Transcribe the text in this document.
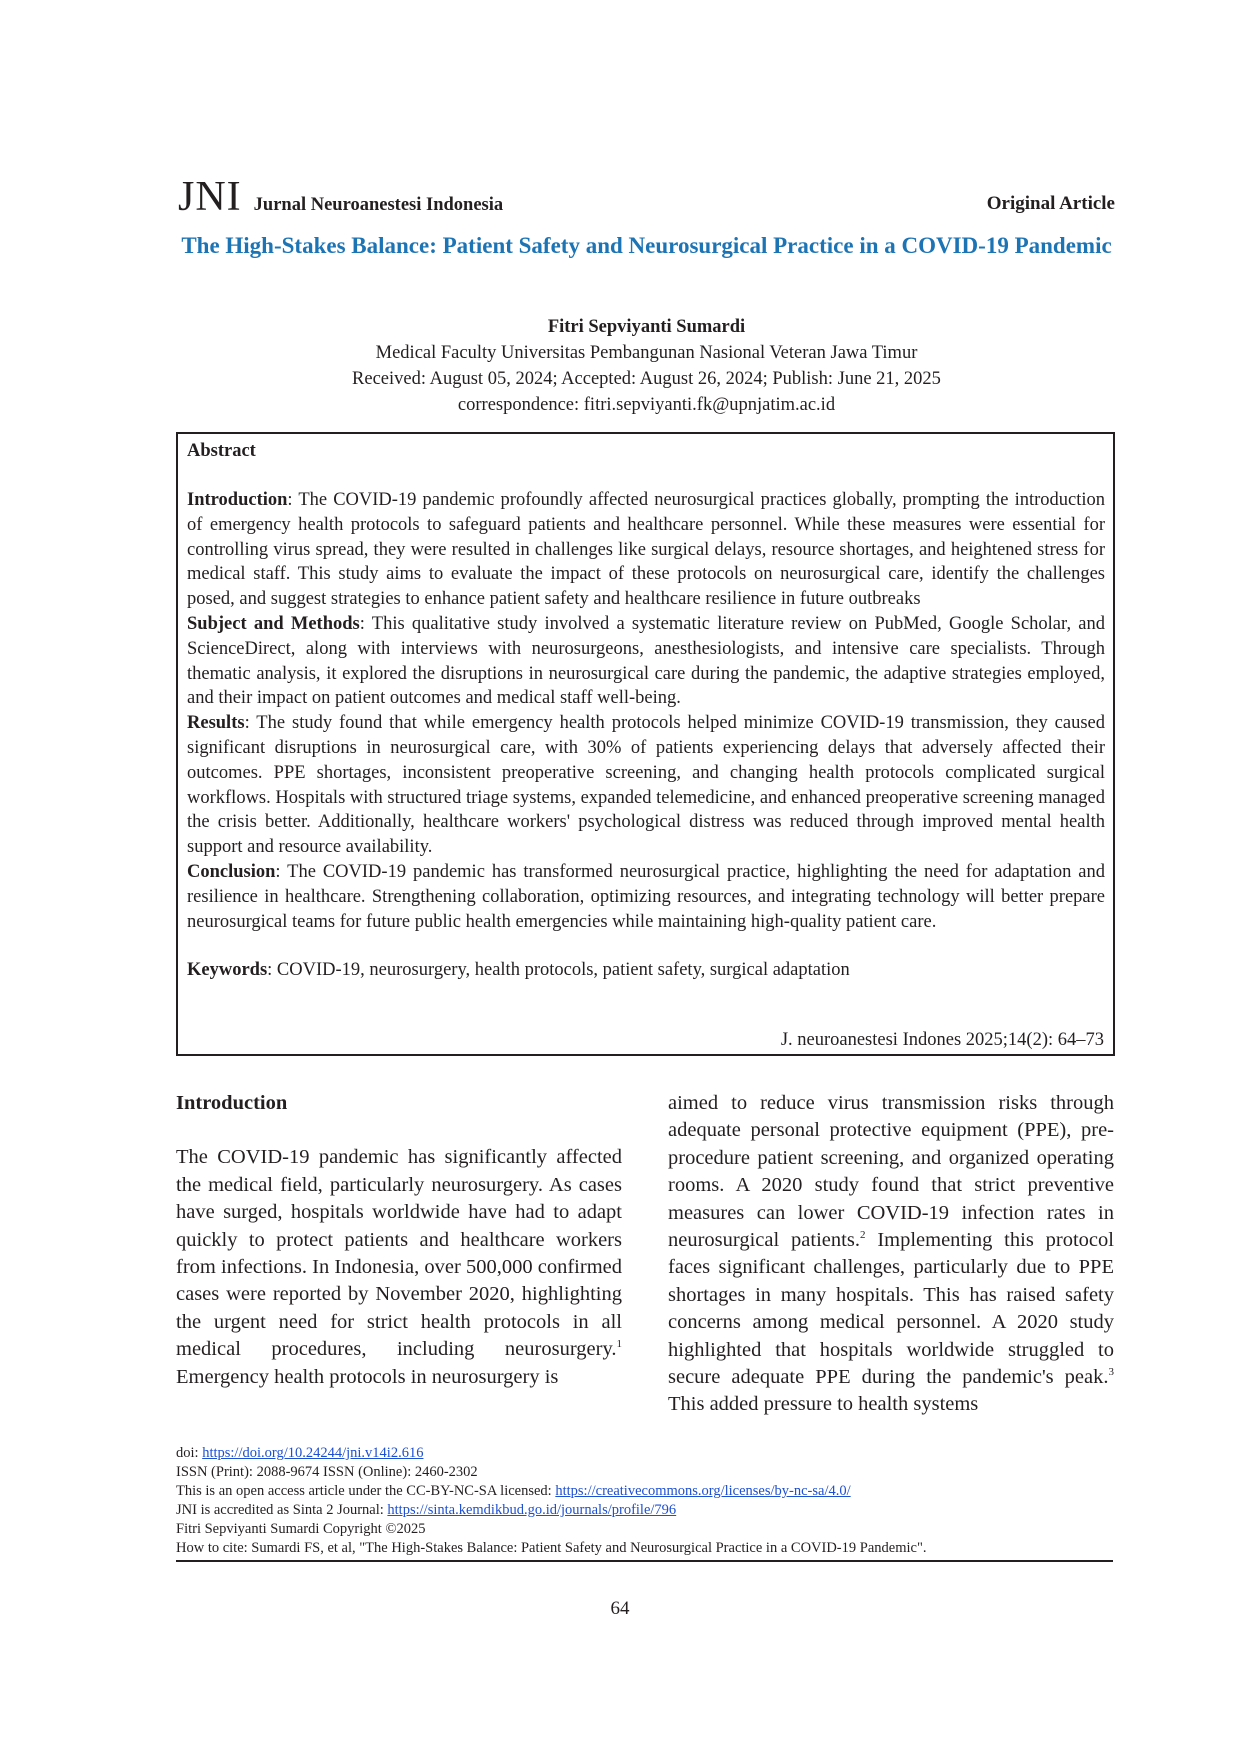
JNI Jurnal Neuroanestesi Indonesia	Original Article
The High-Stakes Balance: Patient Safety and Neurosurgical Practice in a COVID-19 Pandemic
Fitri Sepviyanti Sumardi
Medical Faculty Universitas Pembangunan Nasional Veteran Jawa Timur
Received: August 05, 2024; Accepted: August 26, 2024; Publish: June 21, 2025
correspondence: fitri.sepviyanti.fk@upnjatim.ac.id
Abstract

Introduction: The COVID-19 pandemic profoundly affected neurosurgical practices globally, prompting the introduction of emergency health protocols to safeguard patients and healthcare personnel. While these measures were essential for controlling virus spread, they were resulted in challenges like surgical delays, resource shortages, and heightened stress for medical staff. This study aims to evaluate the impact of these protocols on neurosurgical care, identify the challenges posed, and suggest strategies to enhance patient safety and healthcare resilience in future outbreaks

Subject and Methods: This qualitative study involved a systematic literature review on PubMed, Google Scholar, and ScienceDirect, along with interviews with neurosurgeons, anesthesiologists, and intensive care specialists. Through thematic analysis, it explored the disruptions in neurosurgical care during the pandemic, the adaptive strategies employed, and their impact on patient outcomes and medical staff well-being.

Results: The study found that while emergency health protocols helped minimize COVID-19 transmission, they caused significant disruptions in neurosurgical care, with 30% of patients experiencing delays that adversely affected their outcomes. PPE shortages, inconsistent preoperative screening, and changing health protocols complicated surgical workflows. Hospitals with structured triage systems, expanded telemedicine, and enhanced preoperative screening managed the crisis better. Additionally, healthcare workers' psychological distress was reduced through improved mental health support and resource availability.

Conclusion: The COVID-19 pandemic has transformed neurosurgical practice, highlighting the need for adaptation and resilience in healthcare. Strengthening collaboration, optimizing resources, and integrating technology will better prepare neurosurgical teams for future public health emergencies while maintaining high-quality patient care.

Keywords: COVID-19, neurosurgery, health protocols, patient safety, surgical adaptation
J. neuroanestesi Indones 2025;14(2): 64–73
Introduction

The COVID-19 pandemic has significantly affected the medical field, particularly neurosurgery. As cases have surged, hospitals worldwide have had to adapt quickly to protect patients and healthcare workers from infections. In Indonesia, over 500,000 confirmed cases were reported by November 2020, highlighting the urgent need for strict health protocols in all medical procedures, including neurosurgery.$^1$ Emergency health protocols in neurosurgery is

aimed to reduce virus transmission risks through adequate personal protective equipment (PPE), pre-procedure patient screening, and organized operating rooms. A 2020 study found that strict preventive measures can lower COVID-19 infection rates in neurosurgical patients.$^2$ Implementing this protocol faces significant challenges, particularly due to PPE shortages in many hospitals. This has raised safety concerns among medical personnel. A 2020 study highlighted that hospitals worldwide struggled to secure adequate PPE during the pandemic's peak.$^3$ This added pressure to health systems

doi: https://doi.org/10.24244/jni.v14i2.616
ISSN (Print): 2088-9674 ISSN (Online): 2460-2302
This is an open access article under the CC-BY-NC-SA licensed: https://creativecommons.org/licenses/by-nc-sa/4.0/
JNI is accredited as Sinta 2 Journal: https://sinta.kemdikbud.go.id/journals/profile/796
Fitri Sepviyanti Sumardi Copyright ©2025
How to cite: Sumardi FS, et al, "The High-Stakes Balance: Patient Safety and Neurosurgical Practice in a COVID-19 Pandemic".
64
